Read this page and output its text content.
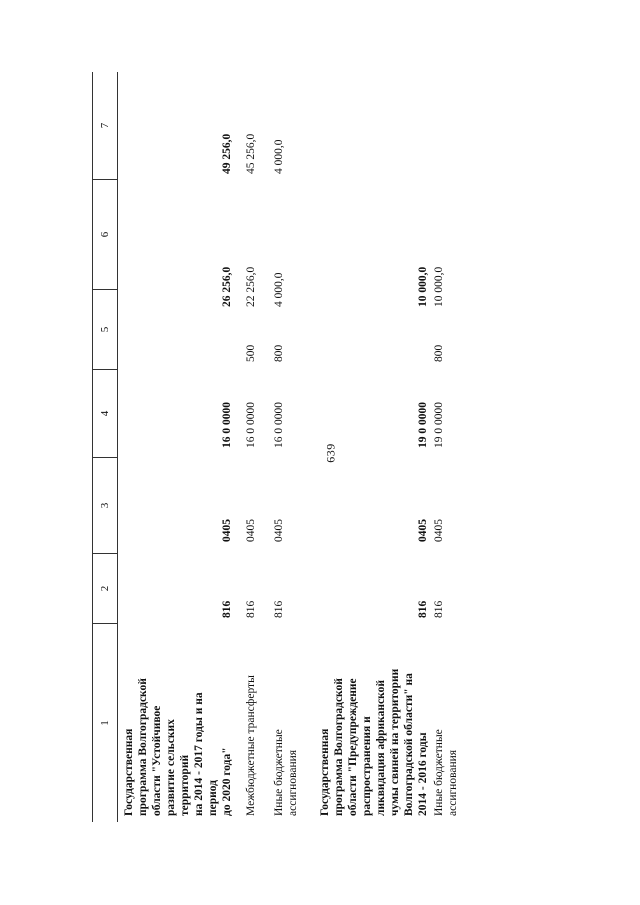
639
1
2
3
4
5
6
7
Государственная программа Волгоградской области "Устойчивое развитие сельских территорий на 2014 - 2017 годы и на период до 2020 года"
816
0405
16 0 0000
26 256,0
49 256,0
Межбюджетные трансферты
816
0405
16 0 0000
500
22 256,0
45 256,0
Иные бюджетные ассигнования
816
0405
16 0 0000
800
4 000,0
4 000,0
Государственная программа Волгоградской области "Предупреждение распространения и ликвидация африканской чумы свиней на территории Волгоградской области" на 2014 - 2016 годы
816
0405
19 0 0000
10 000,0
Иные бюджетные ассигнования
816
0405
19 0 0000
800
10 000,0
